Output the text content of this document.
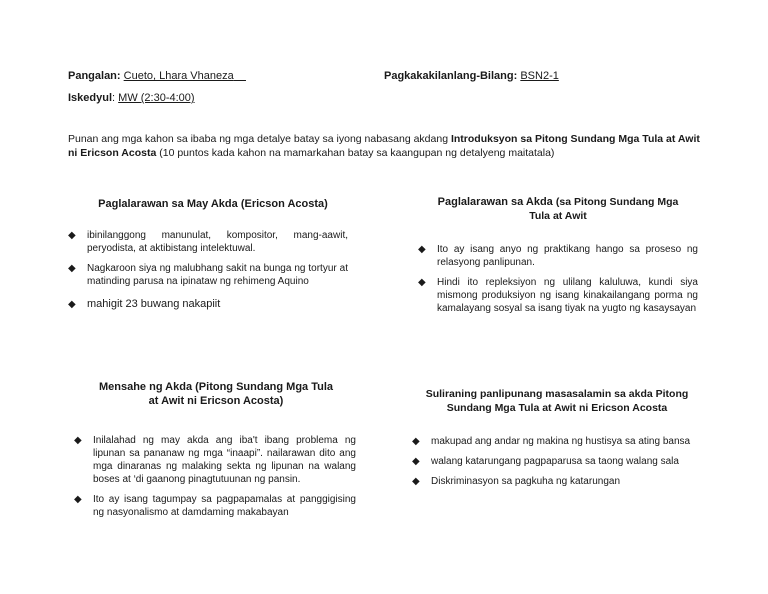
Pangalan: Cueto, Lhara Vhaneza	Pagkakakilanlang-Bilang: BSN2-1
Iskedyul: MW (2:30-4:00)
Punan ang mga kahon sa ibaba ng mga detalye batay sa iyong nabasang akdang Introduksyon sa Pitong Sundang Mga Tula at Awit ni Ericson Acosta (10 puntos kada kahon na mamarkahan batay sa kaangupan ng detalyeng maitatala)
Paglalarawan sa May Akda (Ericson Acosta)
◆ ibinilanggong manunulat, kompositor, mang-aawit, peryodista, at aktibistang intelektuwal.
◆ Nagkaroon siya ng malubhang sakit na bunga ng tortyur at matinding parusa na ipinataw ng rehimeng Aquino
◆ mahigit 23 buwang nakapiit
Paglalarawan sa Akda (sa Pitong Sundang Mga Tula at Awit
◆ Ito ay isang anyo ng praktikang hango sa proseso ng relasyong panlipunan.
◆ Hindi ito repleksiyon ng ulilang kaluluwa, kundi siya mismong produksiyon ng isang kinakailangang porma ng kamalayang sosyal sa isang tiyak na yugto ng kasaysayan
Mensahe ng Akda (Pitong Sundang Mga Tula
at Awit ni Ericson Acosta)
◆ Inilalahad ng may akda ang iba't ibang problema ng lipunan sa pananaw ng mga “inaapi”. nailarawan dito ang mga dinaranas ng malaking sekta ng lipunan na walang boses at ‘di gaanong pinagtutuunan ng pansin.
◆ Ito ay isang tagumpay sa pagpapamalas at panggigising ng nasyonalismo at damdaming makabayan
Suliraning panlipunang masasalamin sa akda Pitong
Sundang Mga Tula at Awit ni Ericson Acosta
◆ makupad ang andar ng makina ng hustisya sa ating bansa
◆ walang katarungang pagpaparusa sa taong walang sala
◆ Diskriminasyon sa pagkuha ng katarungan
